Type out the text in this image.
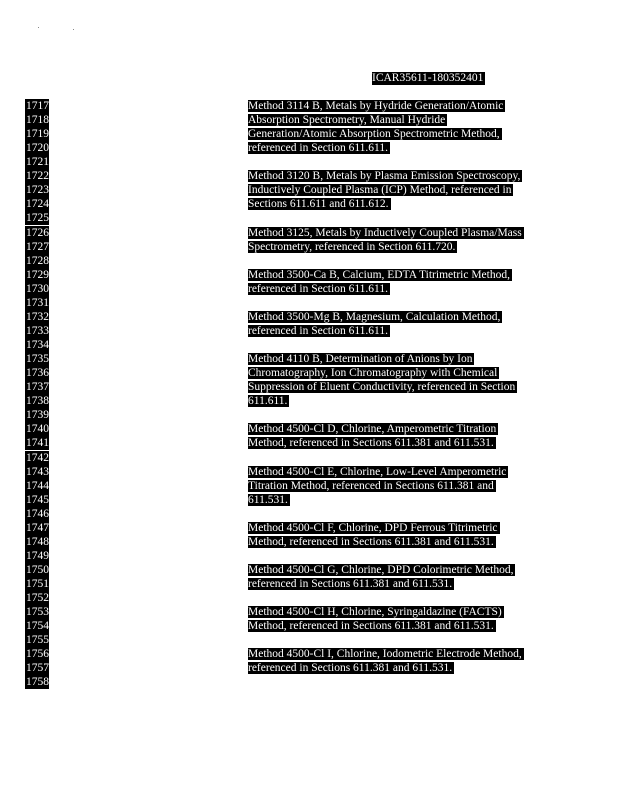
ICAR35611-180352401
1717
1718
1719
1720
1721
1722
1723
1724
1725
1726
1727
1728
1729
1730
1731
1732
1733
1734
1735
1736
1737
1738
1739
1740
1741
1742
1743
1744
1745
1746
1747
1748
1749
1750
1751
1752
1753
1754
1755
1756
1757
1758
Method 3114 B, Metals by Hydride Generation/Atomic
Absorption Spectrometry, Manual Hydride
Generation/Atomic Absorption Spectrometric Method,
referenced in Section 611.611.
Method 3120 B, Metals by Plasma Emission Spectroscopy,
Inductively Coupled Plasma (ICP) Method, referenced in
Sections 611.611 and 611.612.
Method 3125, Metals by Inductively Coupled Plasma/Mass
Spectrometry, referenced in Section 611.720.
Method 3500-Ca B, Calcium, EDTA Titrimetric Method,
referenced in Section 611.611.
Method 3500-Mg B, Magnesium, Calculation Method,
referenced in Section 611.611.
Method 4110 B, Determination of Anions by Ion
Chromatography, Ion Chromatography with Chemical
Suppression of Eluent Conductivity, referenced in Section
611.611.
Method 4500-Cl D, Chlorine, Amperometric Titration
Method, referenced in Sections 611.381 and 611.531.
Method 4500-Cl E, Chlorine, Low-Level Amperometric
Titration Method, referenced in Sections 611.381 and
611.531.
Method 4500-Cl F, Chlorine, DPD Ferrous Titrimetric
Method, referenced in Sections 611.381 and 611.531.
Method 4500-Cl G, Chlorine, DPD Colorimetric Method,
referenced in Sections 611.381 and 611.531.
Method 4500-Cl H, Chlorine, Syringaldazine (FACTS)
Method, referenced in Sections 611.381 and 611.531.
Method 4500-Cl I, Chlorine, Iodometric Electrode Method,
referenced in Sections 611.381 and 611.531.
